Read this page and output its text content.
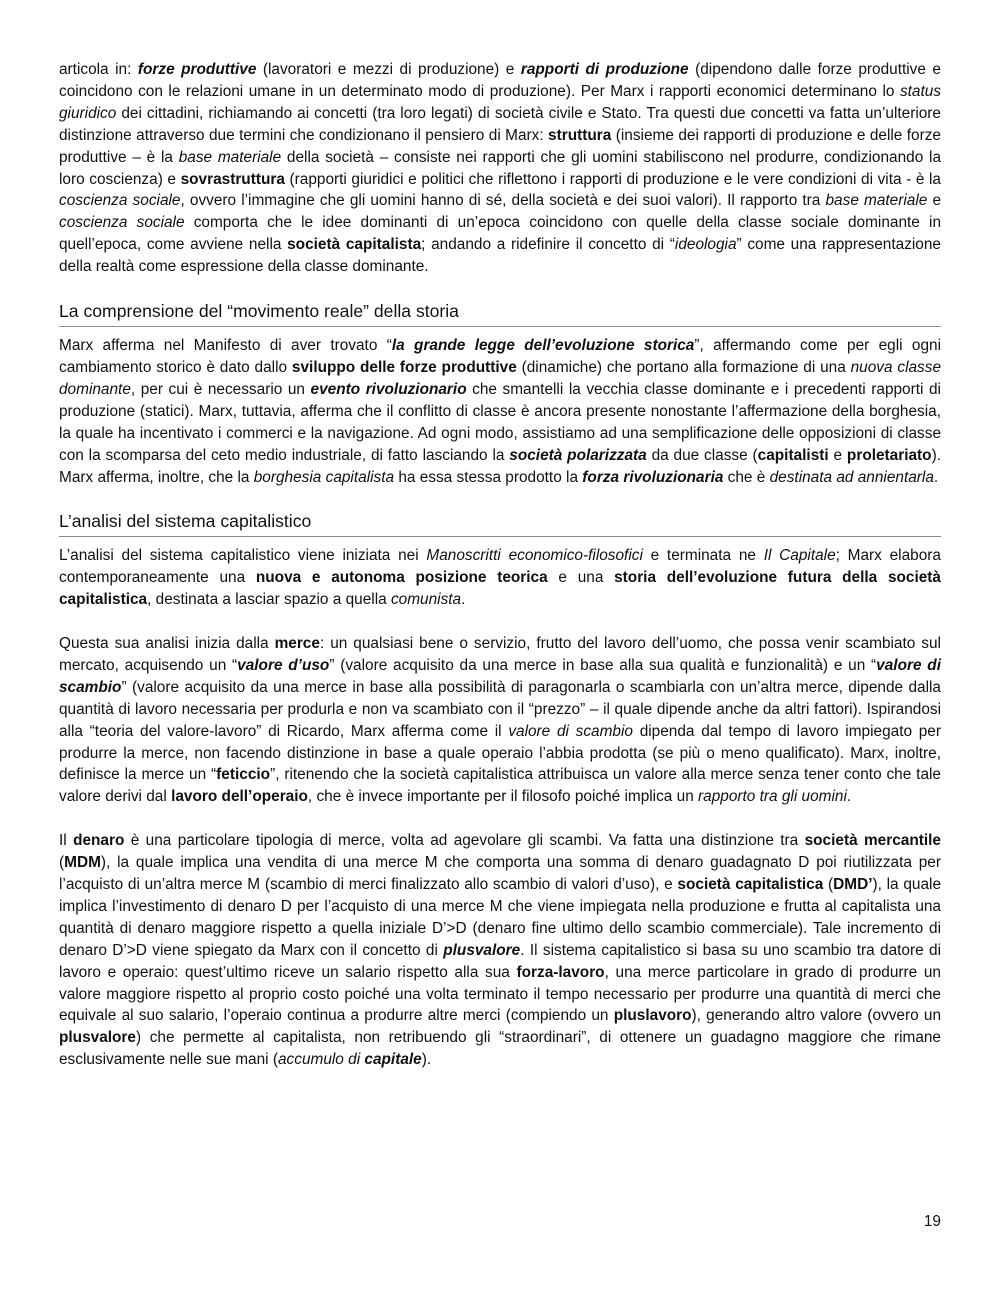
articola in: forze produttive (lavoratori e mezzi di produzione) e rapporti di produzione (dipendono dalle forze produttive e coincidono con le relazioni umane in un determinato modo di produzione). Per Marx i rapporti economici determinano lo status giuridico dei cittadini, richiamando ai concetti (tra loro legati) di società civile e Stato. Tra questi due concetti va fatta un’ulteriore distinzione attraverso due termini che condizionano il pensiero di Marx: struttura (insieme dei rapporti di produzione e delle forze produttive – è la base materiale della società – consiste nei rapporti che gli uomini stabiliscono nel produrre, condizionando la loro coscienza) e sovrastruttura (rapporti giuridici e politici che riflettono i rapporti di produzione e le vere condizioni di vita - è la coscienza sociale, ovvero l’immagine che gli uomini hanno di sé, della società e dei suoi valori). Il rapporto tra base materiale e coscienza sociale comporta che le idee dominanti di un’epoca coincidono con quelle della classe sociale dominante in quell’epoca, come avviene nella società capitalista; andando a ridefinire il concetto di “ideologia” come una rappresentazione della realtà come espressione della classe dominante.

La comprensione del “movimento reale” della storia

Marx afferma nel Manifesto di aver trovato “la grande legge dell’evoluzione storica”, affermando come per egli ogni cambiamento storico è dato dallo sviluppo delle forze produttive (dinamiche) che portano alla formazione di una nuova classe dominante, per cui è necessario un evento rivoluzionario che smantelli la vecchia classe dominante e i precedenti rapporti di produzione (statici). Marx, tuttavia, afferma che il conflitto di classe è ancora presente nonostante l’affermazione della borghesia, la quale ha incentivato i commerci e la navigazione. Ad ogni modo, assistiamo ad una semplificazione delle opposizioni di classe con la scomparsa del ceto medio industriale, di fatto lasciando la società polarizzata da due classe (capitalisti e proletariato). Marx afferma, inoltre, che la borghesia capitalista ha essa stessa prodotto la forza rivoluzionaria che è destinata ad annientarla.

L’analisi del sistema capitalistico

L’analisi del sistema capitalistico viene iniziata nei Manoscritti economico-filosofici e terminata ne Il Capitale; Marx elabora contemporaneamente una nuova e autonoma posizione teorica e una storia dell’evoluzione futura della società capitalistica, destinata a lasciar spazio a quella comunista.

Questa sua analisi inizia dalla merce: un qualsiasi bene o servizio, frutto del lavoro dell’uomo, che possa venir scambiato sul mercato, acquisendo un “valore d’uso” (valore acquisito da una merce in base alla sua qualità e funzionalità) e un “valore di scambio” (valore acquisito da una merce in base alla possibilità di paragonarla o scambiarla con un’altra merce, dipende dalla quantità di lavoro necessaria per produrla e non va scambiato con il “prezzo” – il quale dipende anche da altri fattori). Ispirandosi alla “teoria del valore-lavoro” di Ricardo, Marx afferma come il valore di scambio dipenda dal tempo di lavoro impiegato per produrre la merce, non facendo distinzione in base a quale operaio l’abbia prodotta (se più o meno qualificato). Marx, inoltre, definisce la merce un “feticcio”, ritenendo che la società capitalistica attribuisca un valore alla merce senza tener conto che tale valore derivi dal lavoro dell’operaio, che è invece importante per il filosofo poiché implica un rapporto tra gli uomini.

Il denaro è una particolare tipologia di merce, volta ad agevolare gli scambi. Va fatta una distinzione tra società mercantile (MDM), la quale implica una vendita di una merce M che comporta una somma di denaro guadagnato D poi riutilizzata per l’acquisto di un’altra merce M (scambio di merci finalizzato allo scambio di valori d’uso), e società capitalistica (DMD’), la quale implica l’investimento di denaro D per l’acquisto di una merce M che viene impiegata nella produzione e frutta al capitalista una quantità di denaro maggiore rispetto a quella iniziale D’>D (denaro fine ultimo dello scambio commerciale). Tale incremento di denaro D’>D viene spiegato da Marx con il concetto di plusvalore. Il sistema capitalistico si basa su uno scambio tra datore di lavoro e operaio: quest’ultimo riceve un salario rispetto alla sua forza-lavoro, una merce particolare in grado di produrre un valore maggiore rispetto al proprio costo poiché una volta terminato il tempo necessario per produrre una quantità di merci che equivale al suo salario, l’operaio continua a produrre altre merci (compiendo un pluslavoro), generando altro valore (ovvero un plusvalore) che permette al capitalista, non retribuendo gli “straordinari”, di ottenere un guadagno maggiore che rimane esclusivamente nelle sue mani (accumulo di capitale).

19
